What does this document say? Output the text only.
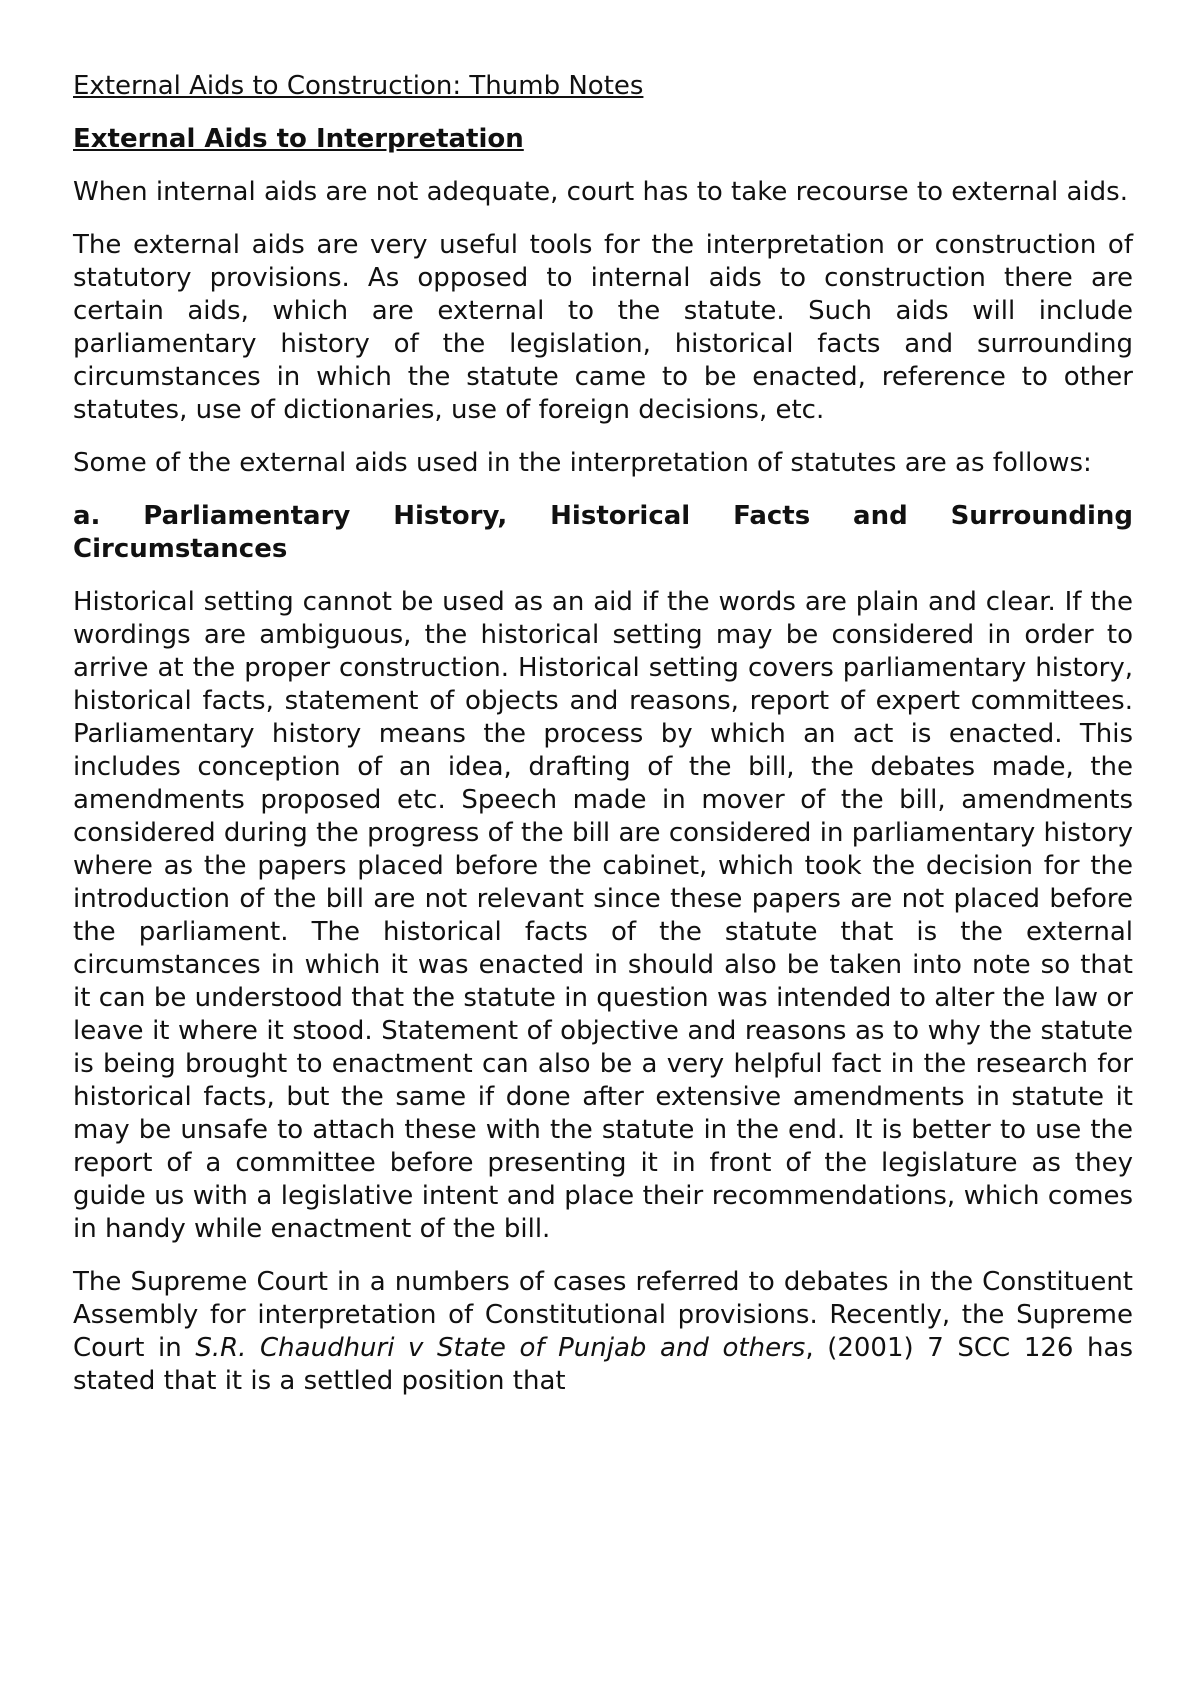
External Aids to Construction: Thumb Notes
External Aids to Interpretation

When internal aids are not adequate, court has to take recourse to external aids.

The external aids are very useful tools for the interpretation or construction of statutory provisions. As opposed to internal aids to construction there are certain aids, which are external to the statute. Such aids will include parliamentary history of the legislation, historical facts and surrounding circumstances in which the statute came to be enacted, reference to other statutes, use of dictionaries, use of foreign decisions, etc.

Some of the external aids used in the interpretation of statutes are as follows:

a. Parliamentary History, Historical Facts and Surrounding Circumstances

Historical setting cannot be used as an aid if the words are plain and clear. If the wordings are ambiguous, the historical setting may be considered in order to arrive at the proper construction. Historical setting covers parliamentary history, historical facts, statement of objects and reasons, report of expert committees. Parliamentary history means the process by which an act is enacted. This includes conception of an idea, drafting of the bill, the debates made, the amendments proposed etc. Speech made in mover of the bill, amendments considered during the progress of the bill are considered in parliamentary history where as the papers placed before the cabinet, which took the decision for the introduction of the bill are not relevant since these papers are not placed before the parliament. The historical facts of the statute that is the external circumstances in which it was enacted in should also be taken into note so that it can be understood that the statute in question was intended to alter the law or leave it where it stood. Statement of objective and reasons as to why the statute is being brought to enactment can also be a very helpful fact in the research for historical facts, but the same if done after extensive amendments in statute it may be unsafe to attach these with the statute in the end. It is better to use the report of a committee before presenting it in front of the legislature as they guide us with a legislative intent and place their recommendations, which comes in handy while enactment of the bill.

The Supreme Court in a numbers of cases referred to debates in the Constituent Assembly for interpretation of Constitutional provisions. Recently, the Supreme Court in S.R. Chaudhuri v State of Punjab and others, (2001) 7 SCC 126 has stated that it is a settled position that
